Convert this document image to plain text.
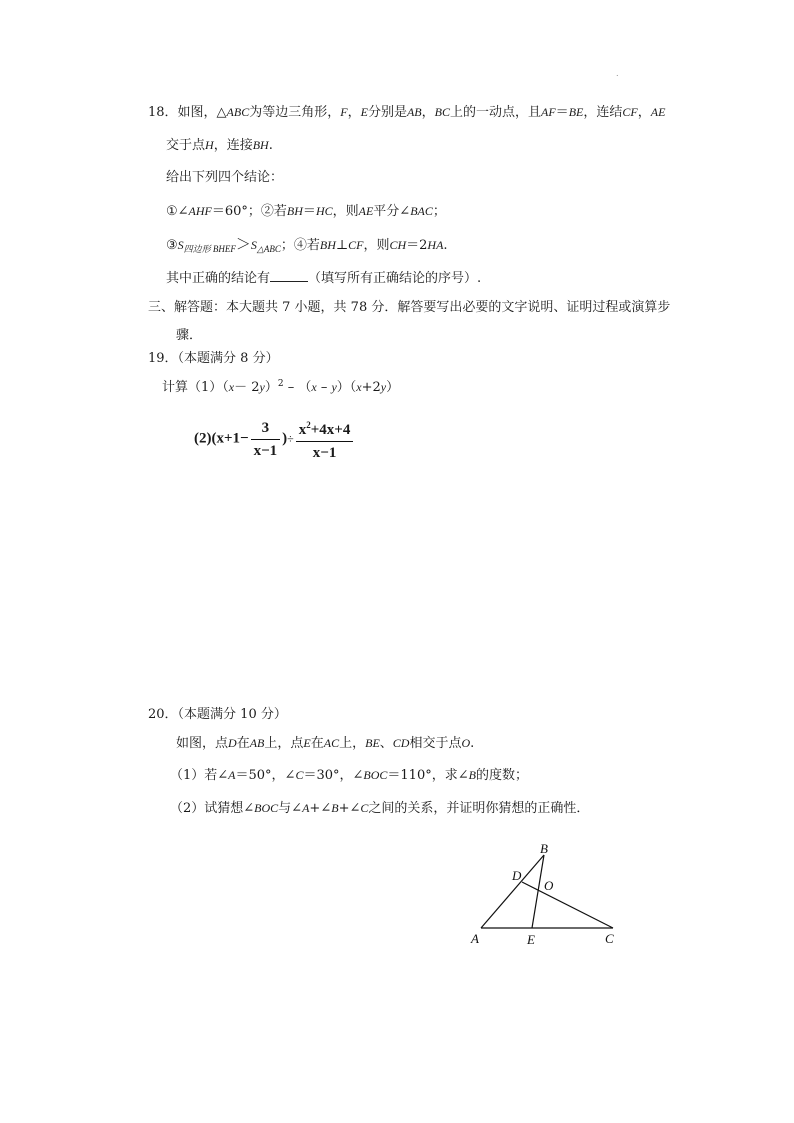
.
18．如图，△ABC为等边三角形，F，E分别是AB，BC上的一动点，且AF＝BE，连结CF，AE
交于点H，连接BH.
给出下列四个结论：
①∠AHF＝60°；②若BH＝HC，则AE平分∠BAC；
$③S_{四边形 BHEF}>S_{\triangle ABC}$；④若BH⊥CF，则CH＝2HA.
其中正确的结论有	（填写所有正确结论的序号）.
三、解答题：本大题共 7 小题，共 78 分．解答要写出必要的文字说明、证明过程或演算步
骤．
19．（本题满分 8 分）
计算$(1)(x- 2y)^2 - (x - y)(x+2y)$
$(2)(x+1- \frac{3}{x-1}$ )÷ $\frac{x^2+4x+4}{x-1}$
20．（本题满分 10 分）
如图，点D在AB上，点E在AC上，BE、CD相交于点O.
（1）若∠A＝50°，∠C＝30°，∠BOC＝110°，求∠B的度数；
（2）试猜想∠BOC与∠A+∠B+∠C之间的关系，并证明你猜想的正确性．
B
D
O
A	E	C
